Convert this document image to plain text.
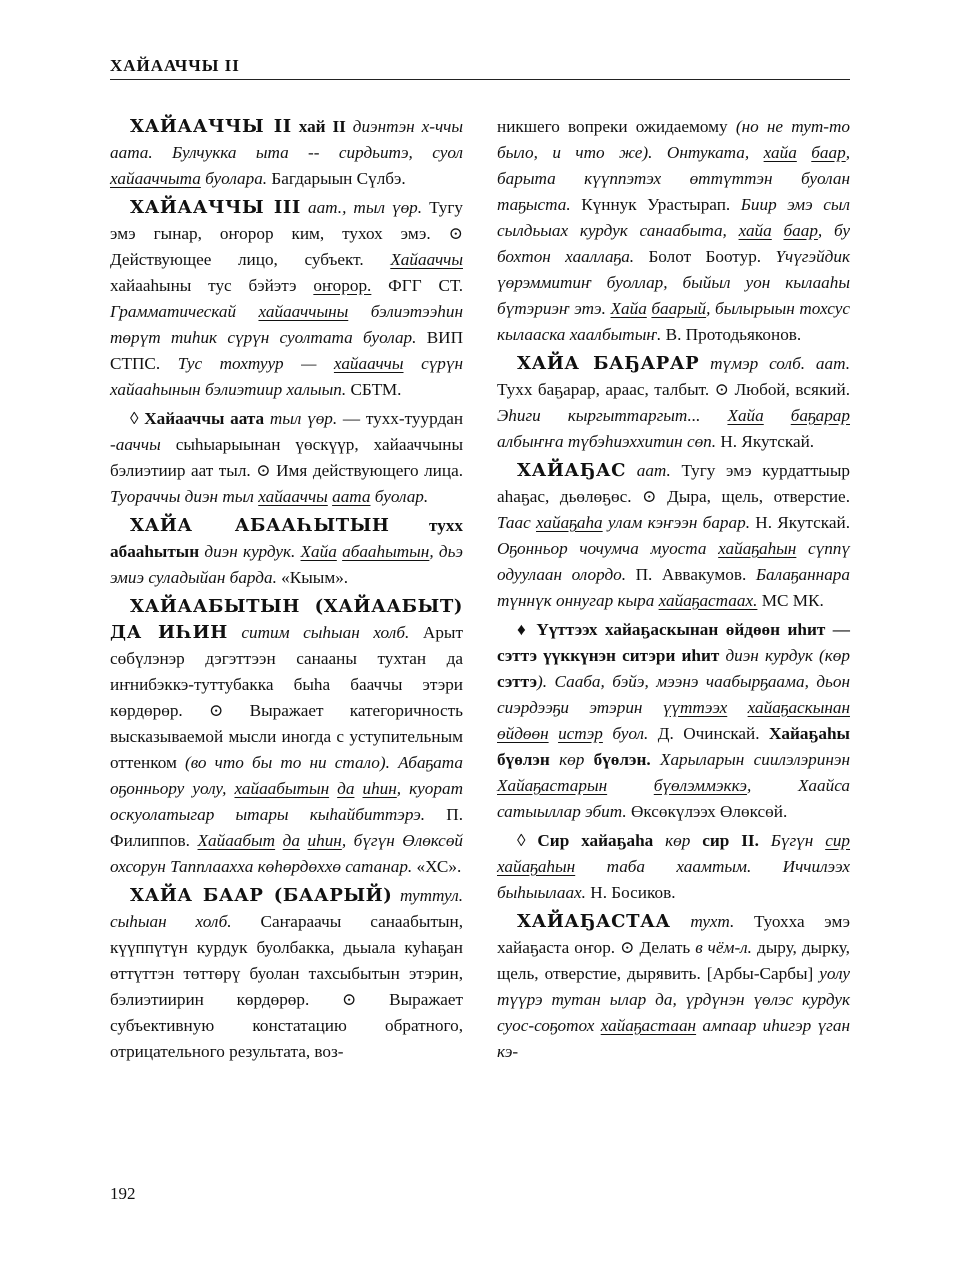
ХАЙААЧЧЫ II

ХАЙААЧЧЫ II хай II диэнтэн х-ччы аата. Булчукка ыта -- сирдьитэ, суол хайааччыта буолара. Багдарыын Сүлбэ.

ХАЙААЧЧЫ III аат., тыл үөр. Тугу эмэ гынар, оҥорор ким, тухох эмэ. ⊙ Действующее лицо, субъект. Хайааччы хайааһыны тус бэйэтэ оҥорор. ФГГ СТ. Грамматическай хайааччыны бэлиэтээһин төрүт тиһик сүрүн суолтата буолар. ВИП СТПС. Тус тохтуур — хайааччы сүрүн хайааһынын бэлиэтиир халыып. СБТМ.

◊ Хайааччы аата тыл үөр. — тухх-туурдан -ааччы сыһыарыынан үөскүүр, хайааччыны бэлиэтиир аат тыл. ⊙ Имя действующего лица. Туораччы диэн тыл хайааччы аата буолар.

ХАЙА АБААҺЫТЫН тухх абааһытын диэн курдук. Хайа абааһытын, дьэ эмиэ суладыйан барда. «Кыым».

ХАЙААБЫТЫН (ХАЙААБЫТ) ДА ИҺИН ситим сыһыан холб. Арыт сөбүлэнэр дэгэттээн санааны тухтан да иҥнибэккэ-туттубакка быһа бааччы этэри көрдөрөр. ⊙ Выражает категоричность высказываемой мысли иногда с уступительным оттенком (во что бы то ни стало). Абаҕата оҕонньору уолу, хайаабытын да иһин, куорат оскуолатыгар ытары кыһайбиттэрэ. П. Филиппов. Хайаабыт да иһин, бүгүн Өлөксөй охсорун Тапплаахха көһөрдөххө сатанар. «ХС».

ХАЙА БААР (БААРЫЙ) туттул. сыһыан холб. Саҥараачы санаабытын, күүппүтүн курдук буолбакка, дьыала куһаҕан өттүттэн төттөрү буолан тахсыбытын этэрин, бэлиэтиирин көрдөрөр. ⊙ Выражает субъективную констатацию обратного, отрицательного результата, воз-

никшего вопреки ожидаемому (но не тут-то было, и что же). Онтуката, хайа баар, барыта күүппэтэх өттүттэн буолан таҕыста. Күннук Урастырап. Биир эмэ сыл сылдьыах курдук санаабыта, хайа баар, бу бохтон хааллаҕа. Болот Боотур. Үчүгэйдик үөрэммитиҥ буоллар, быйыл уон кылааһы бүтэриэҥ этэ. Хайа баарый, былырыын тохсус кылааска хаалбытыҥ. В. Протодьяконов.

ХАЙА БАҔАРАР түмэр солб. аат. Тухх баҕарар, араас, талбыт. ⊙ Любой, всякий. Эһиги кыргыттаргыт... Хайа баҕарар албыҥҥа түбэһиэххитин сөп. Н. Якутскай.

ХАЙАҔАС аат. Тугу эмэ курдаттыыр аһаҕас, дьөлөҕөс. ⊙ Дыра, щель, отверстие. Таас хайаҕаһа улам кэҥээн барар. Н. Якутскай. Оҕонньор чочумча муоста хайаҕаһын сүппү одуулаан олордо. П. Аввакумов. Балаҕаннара түннүк оннугар кыра хайаҕастаах. МС МК.

♦ Үүттээх хайаҕаскынан өйдөөн иһит — сэттэ үүккүнэн ситэри иһит диэн курдук (көр сэттэ). Сааба, бэйэ, мээнэ чаабырҕаама, дьон сиэрдээҕи этэрин үүттээх хайаҕаскынан өйдөөн истэр буол. Д. Очинскай. Хайаҕаһы бүөлэн көр бүөлэн. Харыларын сиилэлэринэн Хайаҕастарын	бүөлэммэккэ, Хаайса сатыыллар эбит. Өксөкүлээх Өлөксөй.

◊ Сир хайаҕаһа көр сир II. Бүгүн сир хайаҕаһын таба хаамтым. Иччилээх быһыылаах. Н. Босиков.

ХАЙАҔАСТАА тухт. Туохха эмэ хайаҕаста оҥор. ⊙ Делать в чём-л. дыру, дырку, щель, отверстие, дырявить. [Арбы-Сарбы] уолу түүрэ тутан ылар да, үрдүнэн үөлэс курдук суос-соҕотох хайаҕастаан ампаар иһигэр үган кэ-

192
